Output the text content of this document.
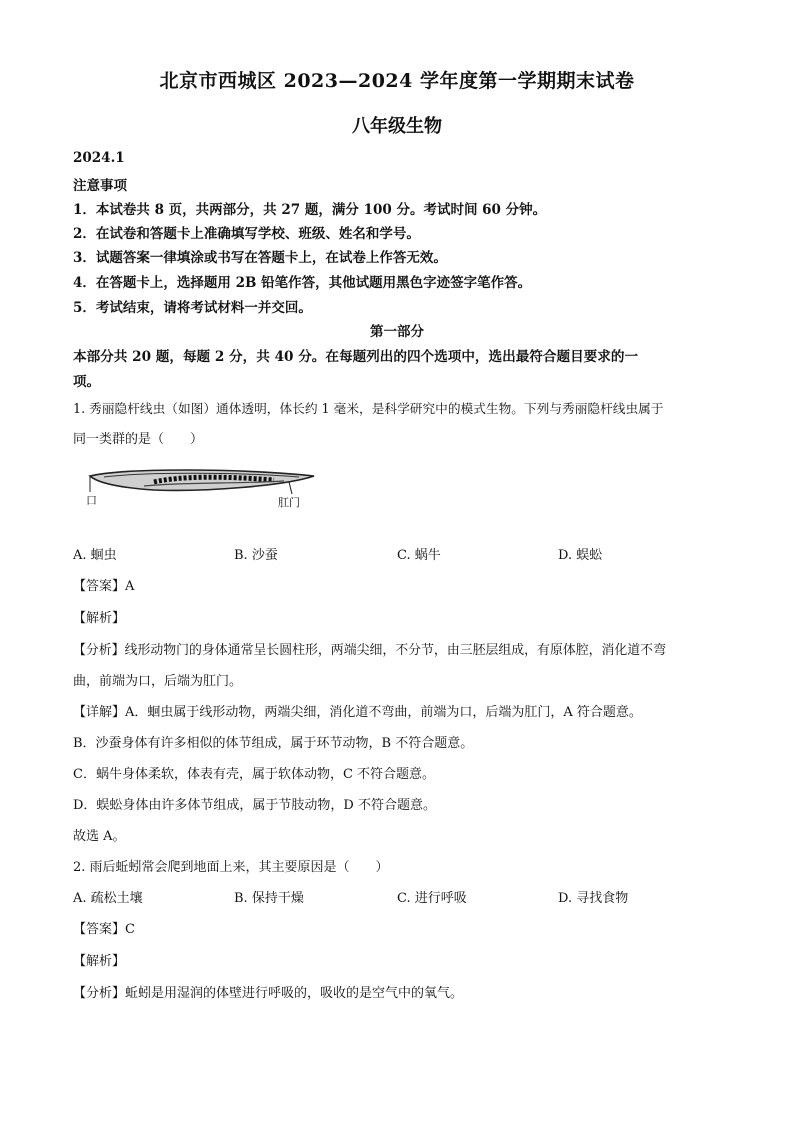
北京市西城区 2023—2024 学年度第一学期期末试卷
八年级生物
2024.1
注意事项
1．本试卷共 8 页，共两部分，共 27 题，满分 100 分。考试时间 60 分钟。
2．在试卷和答题卡上准确填写学校、班级、姓名和学号。
3．试题答案一律填涂或书写在答题卡上，在试卷上作答无效。
4．在答题卡上，选择题用 2B 铅笔作答，其他试题用黑色字迹签字笔作答。
5．考试结束，请将考试材料一并交回。
第一部分
本部分共 20 题，每题 2 分，共 40 分。在每题列出的四个选项中，选出最符合题目要求的一
项。
1. 秀丽隐杆线虫（如图）通体透明，体长约 1 毫米，是科学研究中的模式生物。下列与秀丽隐杆线虫属于
同一类群的是（　　）
口	肛门
A. 蛔虫	B. 沙蚕	C. 蜗牛	D. 蜈蚣
【答案】A
【解析】
【分析】线形动物门的身体通常呈长圆柱形，两端尖细，不分节，由三胚层组成，有原体腔，消化道不弯
曲，前端为口，后端为肛门。
【详解】A．蛔虫属于线形动物，两端尖细，消化道不弯曲，前端为口，后端为肛门，A 符合题意。
B．沙蚕身体有许多相似的体节组成，属于环节动物，B 不符合题意。
C．蜗牛身体柔软，体表有壳，属于软体动物，C 不符合题意。
D．蜈蚣身体由许多体节组成，属于节肢动物，D 不符合题意。
故选 A。
2. 雨后蚯蚓常会爬到地面上来，其主要原因是（　　）
A. 疏松土壤	B. 保持干燥	C. 进行呼吸	D. 寻找食物
【答案】C
【解析】
【分析】蚯蚓是用湿润的体壁进行呼吸的，吸收的是空气中的氧气。
